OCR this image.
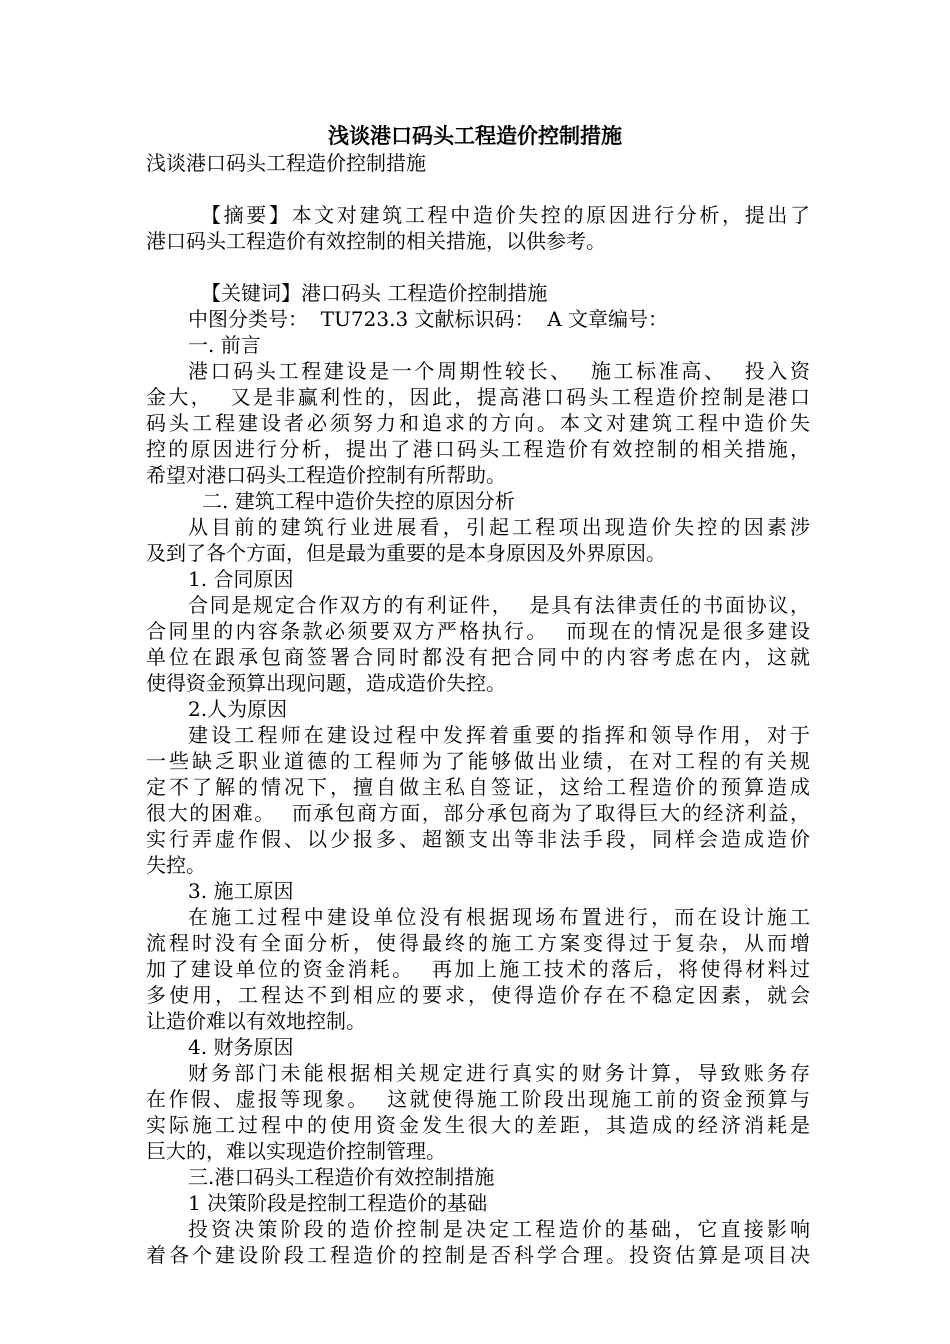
浅谈港口码头工程造价控制措施
浅谈港口码头工程造价控制措施
【摘要】本文对建筑工程中造价失控的原因进行分析，提出了
港口码头工程造价有效控制的相关措施，以供参考。
【关键词】港口码头 工程造价控制措施
中图分类号：  TU723.3 文献标识码：  A 文章编号：
一. 前言
港口码头工程建设是一个周期性较长、  施工标准高、  投入资
金大，  又是非赢利性的，因此，提高港口码头工程造价控制是港口
码头工程建设者必须努力和追求的方向。本文对建筑工程中造价失
控的原因进行分析，提出了港口码头工程造价有效控制的相关措施，
希望对港口码头工程造价控制有所帮助。
二. 建筑工程中造价失控的原因分析
从目前的建筑行业进展看，引起工程项出现造价失控的因素涉
及到了各个方面，但是最为重要的是本身原因及外界原因。
1. 合同原因
合同是规定合作双方的有利证件，  是具有法律责任的书面协议，
合同里的内容条款必须要双方严格执行。  而现在的情况是很多建设
单位在跟承包商签署合同时都没有把合同中的内容考虑在内，这就
使得资金预算出现问题，造成造价失控。
2.人为原因
建设工程师在建设过程中发挥着重要的指挥和领导作用，对于
一些缺乏职业道德的工程师为了能够做出业绩，在对工程的有关规
定不了解的情况下，擅自做主私自签证，这给工程造价的预算造成
很大的困难。  而承包商方面，部分承包商为了取得巨大的经济利益，
实行弄虚作假、以少报多、超额支出等非法手段，同样会造成造价
失控。
3. 施工原因
在施工过程中建设单位没有根据现场布置进行，而在设计施工
流程时没有全面分析，使得最终的施工方案变得过于复杂，从而增
加了建设单位的资金消耗。  再加上施工技术的落后，将使得材料过
多使用，工程达不到相应的要求，使得造价存在不稳定因素，就会
让造价难以有效地控制。
4. 财务原因
财务部门未能根据相关规定进行真实的财务计算，导致账务存
在作假、虚报等现象。  这就使得施工阶段出现施工前的资金预算与
实际施工过程中的使用资金发生很大的差距，其造成的经济消耗是
巨大的，难以实现造价控制管理。
三.港口码头工程造价有效控制措施
1 决策阶段是控制工程造价的基础
投资决策阶段的造价控制是决定工程造价的基础，它直接影响
着各个建设阶段工程造价的控制是否科学合理。投资估算是项目决
